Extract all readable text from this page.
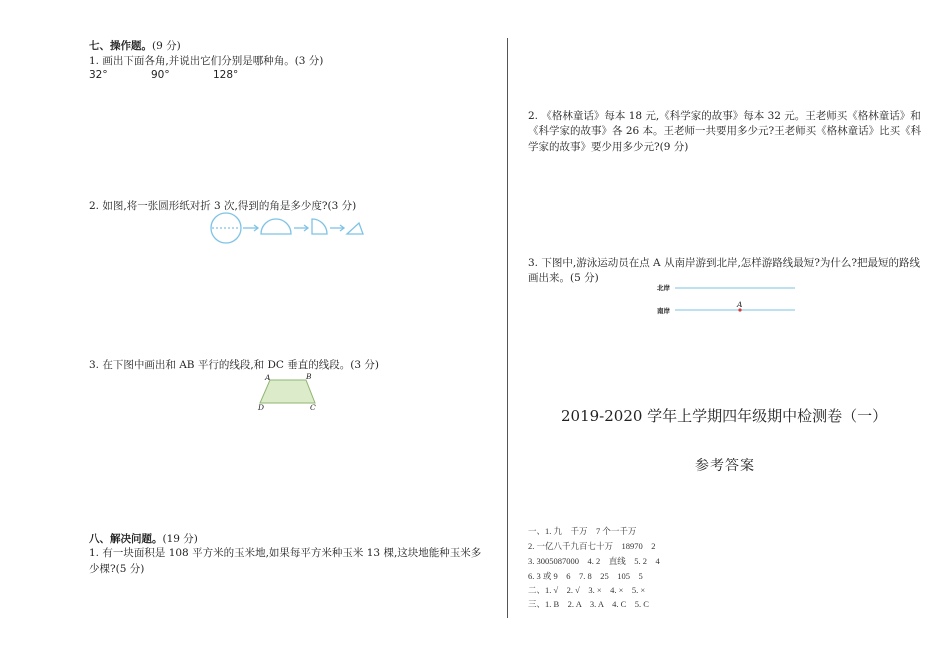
七、操作题。(9 分)
1. 画出下面各角,并说出它们分别是哪种角。(3 分)
32°	90°	128°
2. 如图,将一张圆形纸对折 3 次,得到的角是多少度?(3 分)
3. 在下图中画出和 AB 平行的线段,和 DC 垂直的线段。(3 分)
A	B
D	C
八、解决问题。(19 分)
1. 有一块面积是 108 平方米的玉米地,如果每平方米种玉米 13 棵,这块地能种玉米多
少棵?(5 分)
2. 《格林童话》每本 18 元,《科学家的故事》每本 32 元。王老师买《格林童话》和
《科学家的故事》各 26 本。王老师一共要用多少元?王老师买《格林童话》比买《科
学家的故事》要少用多少元?(9 分)
3. 下图中,游泳运动员在点 A 从南岸游到北岸,怎样游路线最短?为什么?把最短的路线
画出来。(5 分)
北岸
南岸
A
2019-2020 学年上学期四年级期中检测卷（一）
参考答案
一、1. 九　千万　7 个一千万
2. 一亿八千九百七十万　18970　2
3. 3005087000　4. 2　直线　5. 2　4
6. 3 或 9　6　7. 8　25　105　5
二、1. √　2. √　3. ×　4. ×　5. ×
三、1. B　2. A　3. A　4. C　5. C
